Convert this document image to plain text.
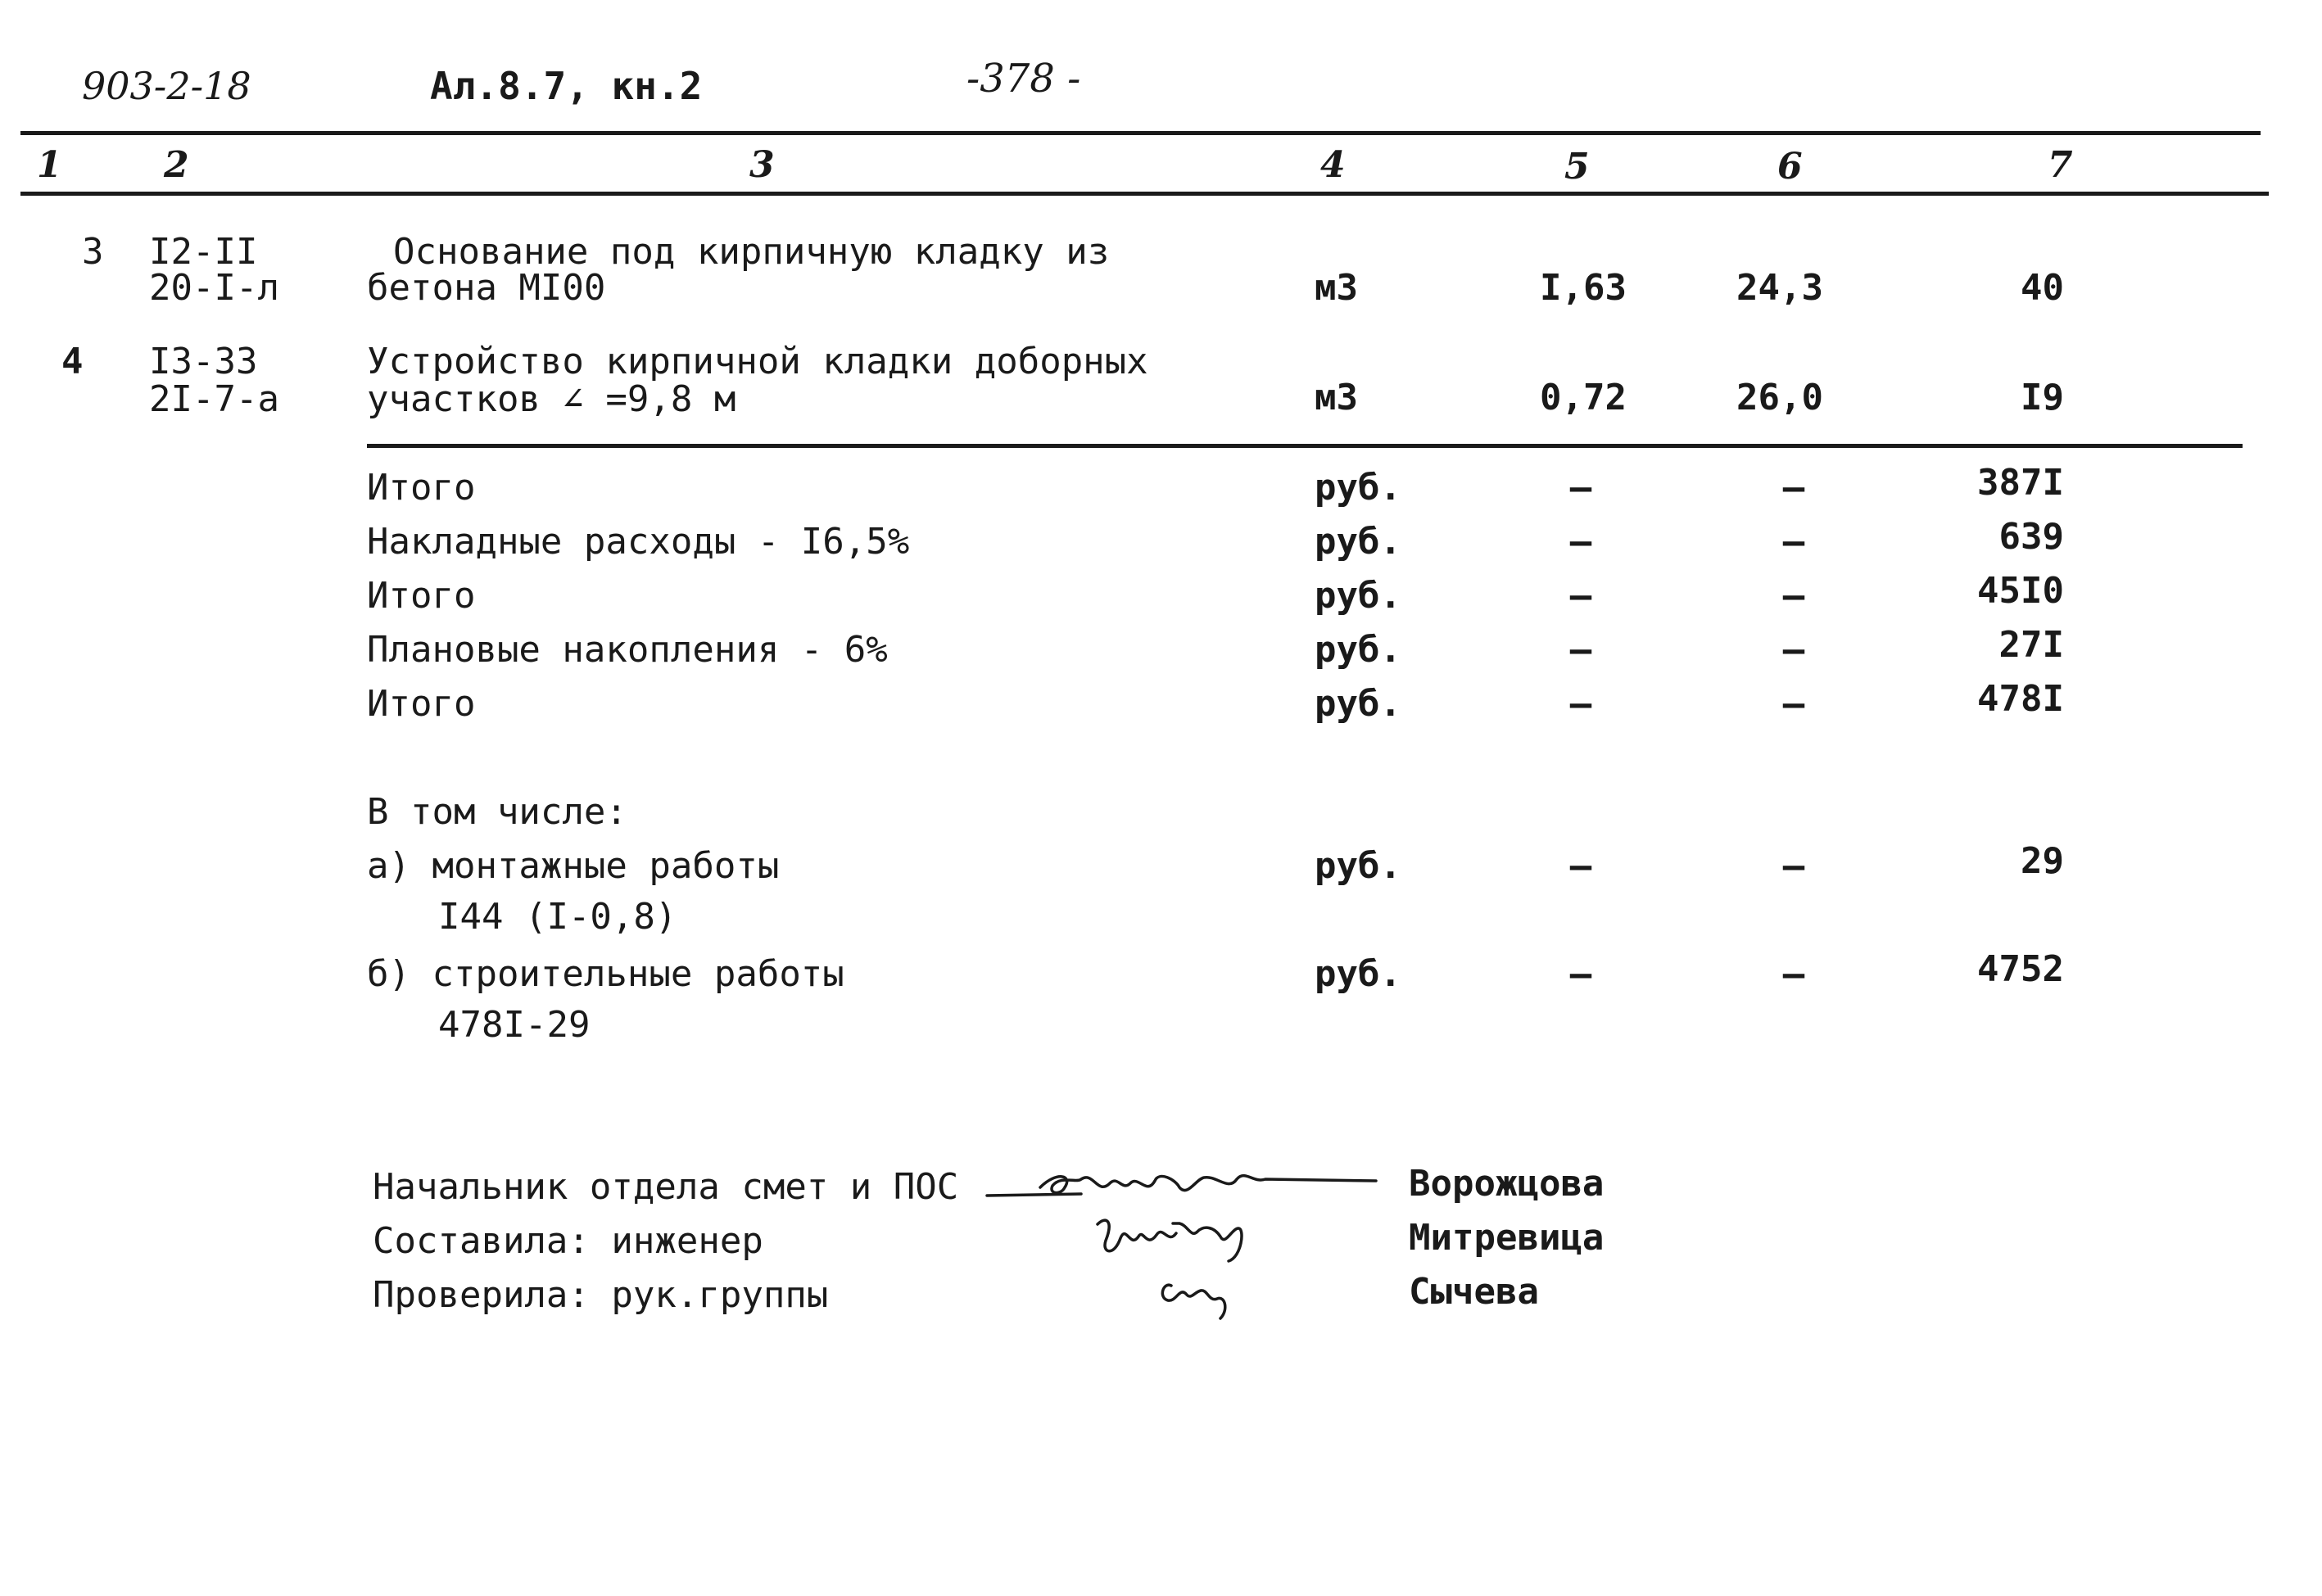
903-2-18	Ал.8.7, кн.2	-378 -
1	2	3	4	5	6	7
3 I2-II
20-I-л
Основание под кирпичную кладку из
бетона МI00	м3	I,63	24,3	40
4 I3-33
2I-7-а
Устройство кирпичной кладки доборных
участков ∠ =9,8 м	м3	0,72	26,0	I9
Итого	руб.	–	–	387I
Накладные расходы - I6,5%	руб.	–	–	639
Итого	руб.	–	–	45I0
Плановые накопления - 6%	руб.	–	–	27I
Итого	руб.	–	–	478I
В том числе:
а) монтажные работы
I44 (I-0,8)
руб.	–	–	29
б) строительные работы
478I-29
руб.	–	–	4752
Начальник отдела смет и ПОС	Ворожцова
Составила: инженер	Митревица
Проверила: рук.группы	Сычева
